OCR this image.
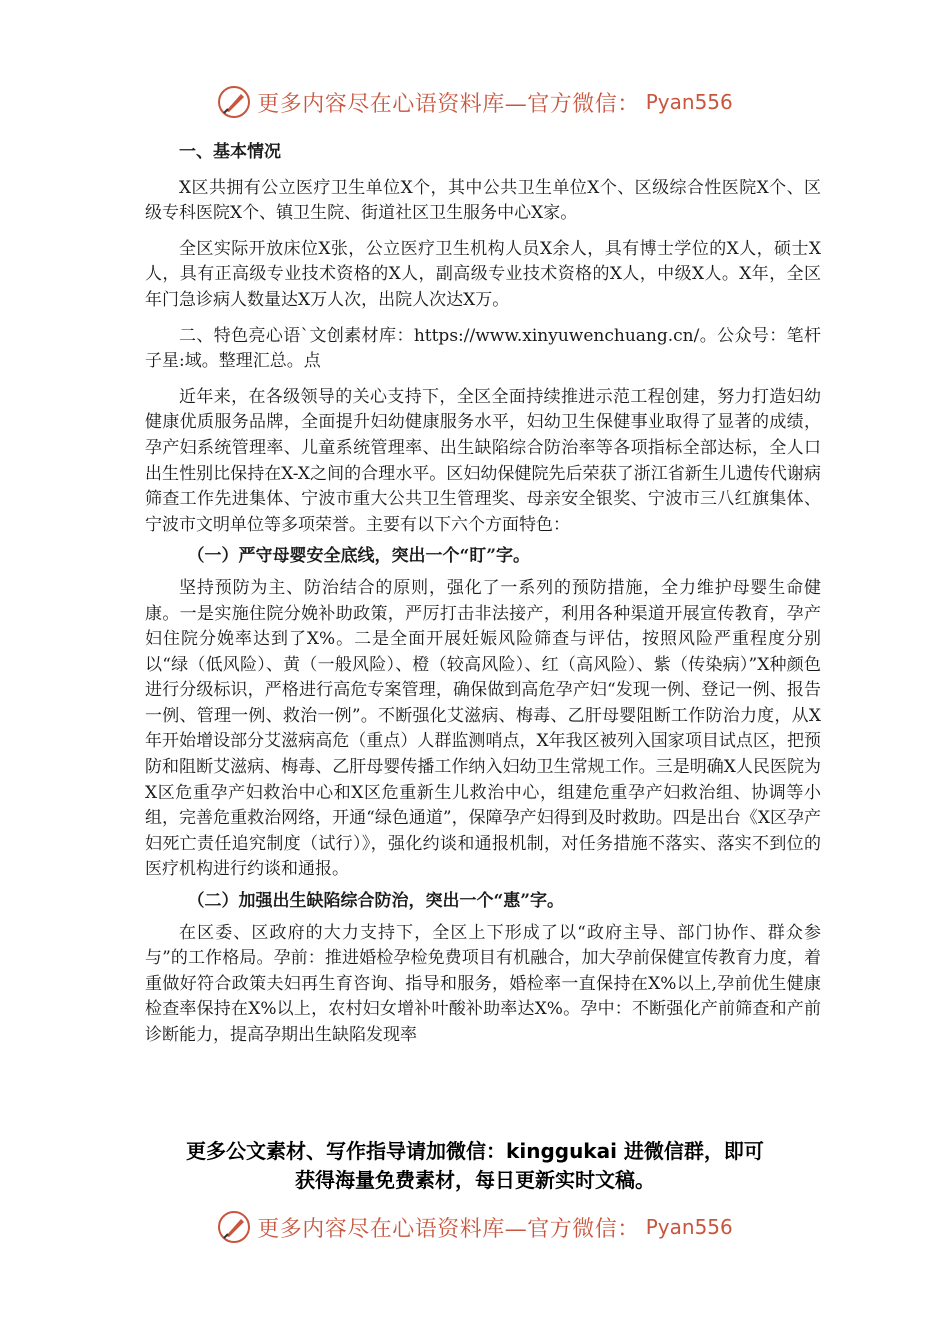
更多内容尽在心语资料库—官方微信： Pyan556
一、基本情况

X区共拥有公立医疗卫生单位X个，其中公共卫生单位X个、区级综合性医院X个、区级专科医院X个、镇卫生院、街道社区卫生服务中心X家。

全区实际开放床位X张，公立医疗卫生机构人员X余人，具有博士学位的X人，硕士X人，具有正高级专业技术资格的X人，副高级专业技术资格的X人，中级X人。X年，全区年门急诊病人数量达X万人次，出院人次达X万。

二、特色亮心语`文创素材库：https://www.xinyuwenchuang.cn/。公众号：笔杆子星:域。整理汇总。点

近年来，在各级领导的关心支持下，全区全面持续推进示范工程创建，努力打造妇幼健康优质服务品牌，全面提升妇幼健康服务水平，妇幼卫生保健事业取得了显著的成绩，孕产妇系统管理率、儿童系统管理率、出生缺陷综合防治率等各项指标全部达标，全人口出生性别比保持在X-X之间的合理水平。区妇幼保健院先后荣获了浙江省新生儿遗传代谢病筛查工作先进集体、宁波市重大公共卫生管理奖、母亲安全银奖、宁波市三八红旗集体、宁波市文明单位等多项荣誉。主要有以下六个方面特色：

（一）严守母婴安全底线，突出一个“盯”字。

坚持预防为主、防治结合的原则，强化了一系列的预防措施，全力维护母婴生命健康。一是实施住院分娩补助政策，严厉打击非法接产，利用各种渠道开展宣传教育，孕产妇住院分娩率达到了X%。二是全面开展妊娠风险筛查与评估，按照风险严重程度分别以“绿（低风险）、黄（一般风险）、橙（较高风险）、红（高风险）、紫（传染病）”X种颜色进行分级标识，严格进行高危专案管理，确保做到高危孕产妇“发现一例、登记一例、报告一例、管理一例、救治一例”。不断强化艾滋病、梅毒、乙肝母婴阻断工作防治力度，从X年开始增设部分艾滋病高危（重点）人群监测哨点，X年我区被列入国家项目试点区，把预防和阻断艾滋病、梅毒、乙肝母婴传播工作纳入妇幼卫生常规工作。三是明确X人民医院为X区危重孕产妇救治中心和X区危重新生儿救治中心，组建危重孕产妇救治组、协调等小组，完善危重救治网络，开通“绿色通道”，保障孕产妇得到及时救助。四是出台《X区孕产妇死亡责任追究制度（试行）》，强化约谈和通报机制，对任务措施不落实、落实不到位的医疗机构进行约谈和通报。

（二）加强出生缺陷综合防治，突出一个“惠”字。

在区委、区政府的大力支持下，全区上下形成了以“政府主导、部门协作、群众参与”的工作格局。孕前：推进婚检孕检免费项目有机融合，加大孕前保健宣传教育力度，着重做好符合政策夫妇再生育咨询、指导和服务，婚检率一直保持在X%以上,孕前优生健康检查率保持在X%以上，农村妇女增补叶酸补助率达X%。孕中：不断强化产前筛查和产前诊断能力，提高孕期出生缺陷发现率

更多公文素材、写作指导请加微信：kinggukai 进微信群，即可
获得海量免费素材，每日更新实时文稿。
更多内容尽在心语资料库—官方微信： Pyan556
